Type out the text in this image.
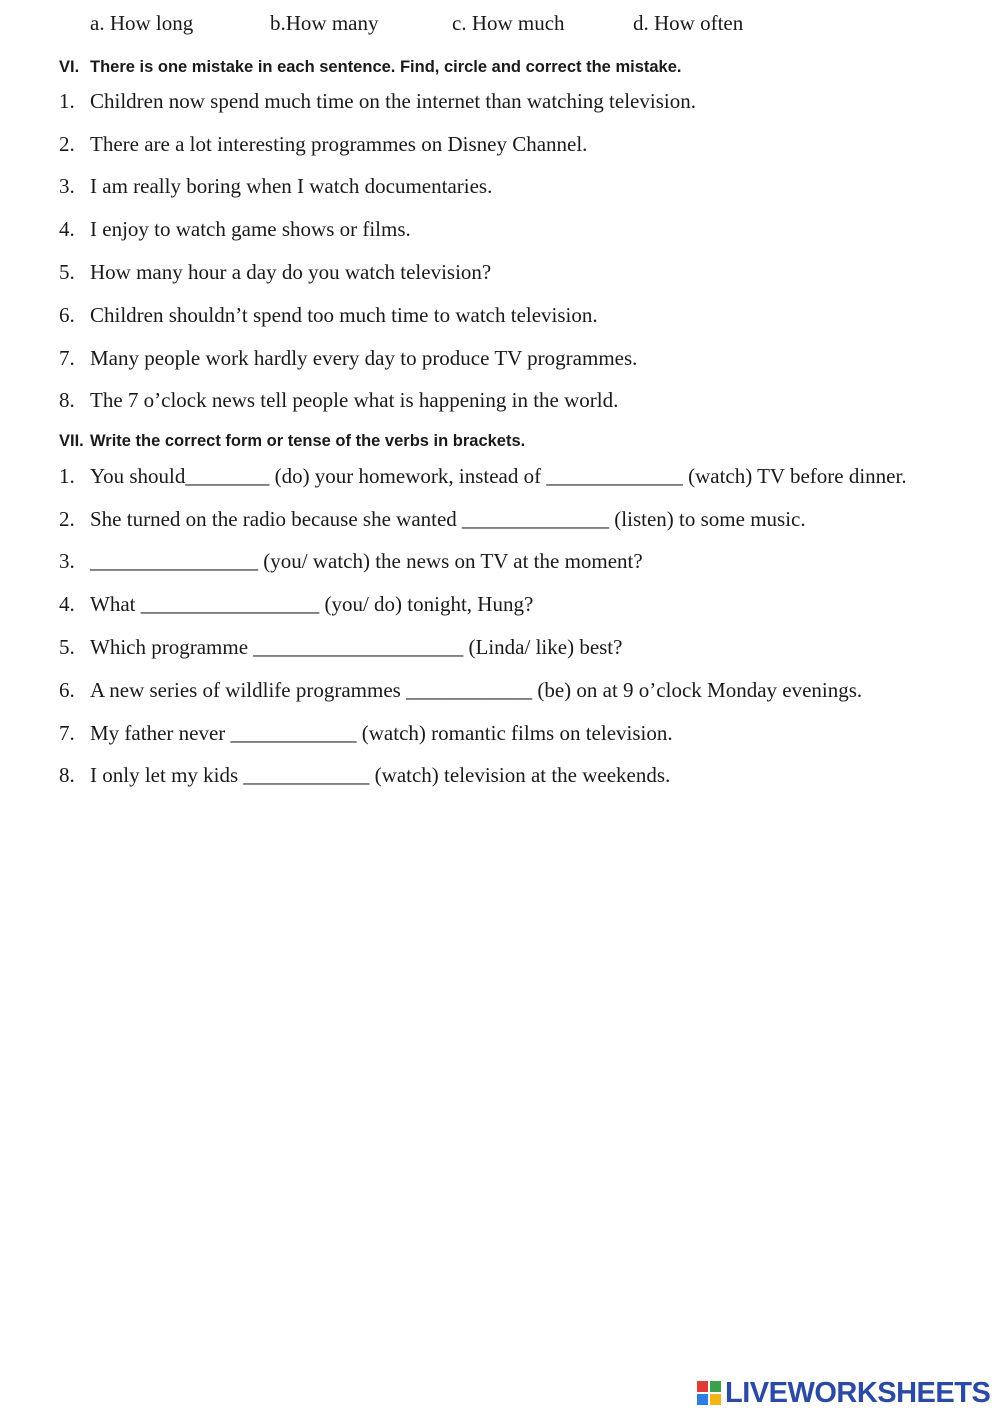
a. How long	b.How many	c. How much	d. How often
VI. There is one mistake in each sentence. Find, circle and correct the mistake.
1. Children now spend much time on the internet than watching television.
2. There are a lot interesting programmes on Disney Channel.
3. I am really boring when I watch documentaries.
4. I enjoy to watch game shows or films.
5. How many hour a day do you watch television?
6. Children shouldn’t spend too much time to watch television.
7. Many people work hardly every day to produce TV programmes.
8. The 7 o’clock news tell people what is happening in the world.
VII. Write the correct form or tense of the verbs in brackets.
1. You should________ (do) your homework, instead of _____________ (watch) TV before dinner.
2. She turned on the radio because she wanted ______________ (listen) to some music.
3. ________________ (you/ watch) the news on TV at the moment?
4. What _________________ (you/ do) tonight, Hung?
5. Which programme ____________________ (Linda/ like) best?
6. A new series of wildlife programmes ____________ (be) on at 9 o’clock Monday evenings.
7. My father never ____________ (watch) romantic films on television.
8. I only let my kids ____________ (watch) television at the weekends.
LIVEWORKSHEETS
